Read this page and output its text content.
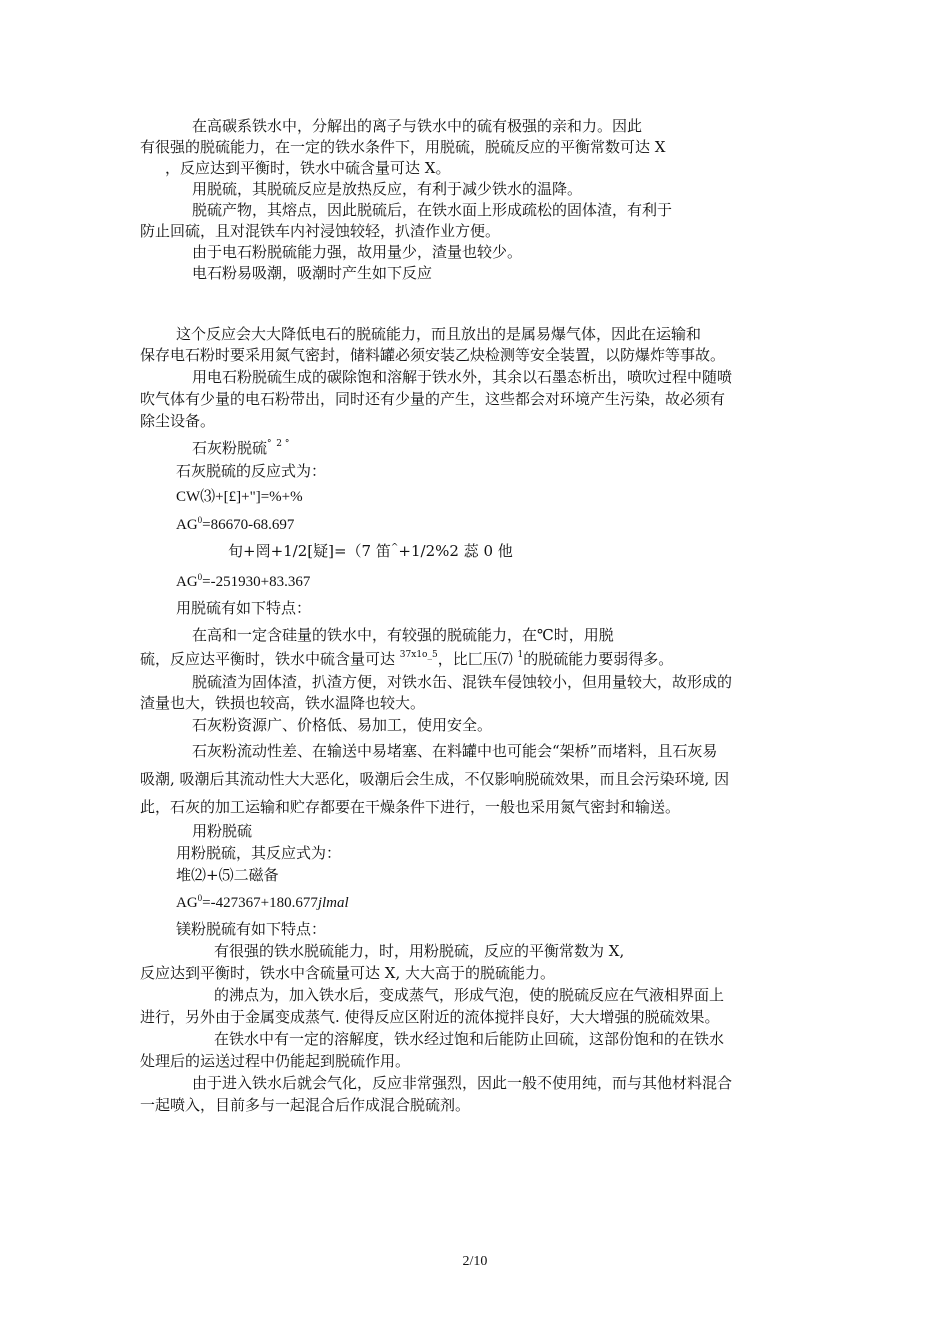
在高碳系铁水中，分解出的离子与铁水中的硫有极强的亲和力。因此
有很强的脱硫能力，在一定的铁水条件下，用脱硫，脱硫反应的平衡常数可达 X
，反应达到平衡时，铁水中硫含量可达 X。
用脱硫，其脱硫反应是放热反应，有利于减少铁水的温降。
脱硫产物，其熔点，因此脱硫后，在铁水面上形成疏松的固体渣，有利于
防止回硫，且对混铁车内衬浸蚀较轻，扒渣作业方便。
由于电石粉脱硫能力强，故用量少，渣量也较少。
电石粉易吸潮，吸潮时产生如下反应
这个反应会大大降低电石的脱硫能力，而且放出的是属易爆气体，因此在运输和
保存电石粉时要采用氮气密封，储料罐必须安装乙炔检测等安全装置，以防爆炸等事故。
用电石粉脱硫生成的碳除饱和溶解于铁水外，其余以石墨态析出，喷吹过程中随喷
吹气体有少量的电石粉带出，同时还有少量的产生，这些都会对环境产生污染，故必须有
除尘设备。
石灰粉脱硫° $^{2 ^\circ}$
石灰脱硫的反应式为：
CW⑶+[£]+"]=%+%
$AG^0=86670-68.697$
旬+罔+1/2[疑]=（7 笛^+1/2%2 蕊 0 他
$AG^0=-251930+83.367$
用脱硫有如下特点：
在高和一定含硅量的铁水中，有较强的脱硫能力，在℃时，用脱
硫，反应达平衡时，铁水中硫含量可达 $^{37x1o\_5}$，比匚压⑺ $^1$的脱硫能力要弱得多。
脱硫渣为固体渣，扒渣方便，对铁水缶、混铁车侵蚀较小，但用量较大，故形成的
渣量也大，铁损也较高，铁水温降也较大。
石灰粉资源广、价格低、易加工，使用安全。
石灰粉流动性差、在输送中易堵塞、在料罐中也可能会“架桥”而堵料，且石灰易
吸潮, 吸潮后其流动性大大恶化，吸潮后会生成，不仅影响脱硫效果，而且会污染环境, 因
此，石灰的加工运输和贮存都要在干燥条件下进行，一般也采用氮气密封和输送。
用粉脱硫
用粉脱硫，其反应式为：
堆⑵+⑸二磁备
$AG^0=-427367+180.677jlmal$
镁粉脱硫有如下特点：
有很强的铁水脱硫能力，时，用粉脱硫，反应的平衡常数为 X,
反应达到平衡时，铁水中含硫量可达 X, 大大高于的脱硫能力。
的沸点为，加入铁水后，变成蒸气，形成气泡，使的脱硫反应在气液相界面上
进行，另外由于金属变成蒸气. 使得反应区附近的流体搅拌良好，大大增强的脱硫效果。
在铁水中有一定的溶解度，铁水经过饱和后能防止回硫，这部份饱和的在铁水
处理后的运送过程中仍能起到脱硫作用。
由于进入铁水后就会气化，反应非常强烈，因此一般不使用纯，而与其他材料混合
一起喷入，目前多与一起混合后作成混合脱硫剂。
2/10
